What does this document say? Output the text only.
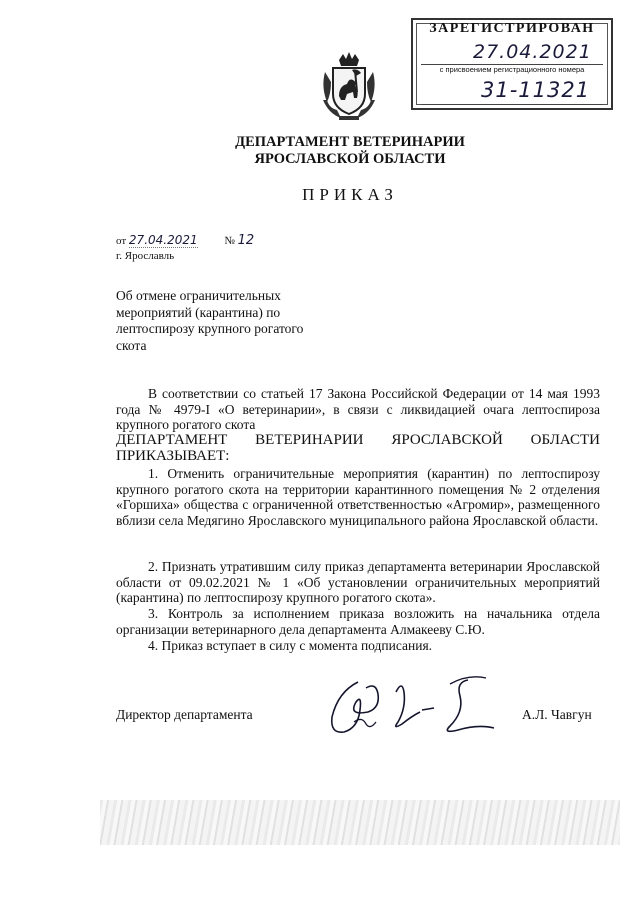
ЗАРЕГИСТРИРОВАН
27.04.2021
с присвоением регистрационного номера
31-11321
ДЕПАРТАМЕНТ ВЕТЕРИНАРИИ
ЯРОСЛАВСКОЙ ОБЛАСТИ
ПРИКАЗ
от 27.04.2021 № 12
г. Ярославль
Об отмене ограничительных
мероприятий (карантина) по
лептоспирозу крупного рогатого
скота
В соответствии со статьей 17 Закона Российской Федерации от 14 мая 1993 года № 4979-I «О ветеринарии», в связи с ликвидацией очага лептоспироза крупного рогатого скота
ДЕПАРТАМЕНТ ВЕТЕРИНАРИИ ЯРОСЛАВСКОЙ ОБЛАСТИ ПРИКАЗЫВАЕТ:
1. Отменить ограничительные мероприятия (карантин) по лептоспирозу крупного рогатого скота на территории карантинного помещения № 2 отделения «Горшиха» общества с ограниченной ответственностью «Агромир», размещенного вблизи села Медягино Ярославского муниципального района Ярославской области.
2. Признать утратившим силу приказ департамента ветеринарии Ярославской области от 09.02.2021 № 1 «Об установлении ограничительных мероприятий (карантина) по лептоспирозу крупного рогатого скота».
3. Контроль за исполнением приказа возложить на начальника отдела организации ветеринарного дела департамента Алмакееву С.Ю.
4. Приказ вступает в силу с момента подписания.
Директор департамента	А.Л. Чавгун
